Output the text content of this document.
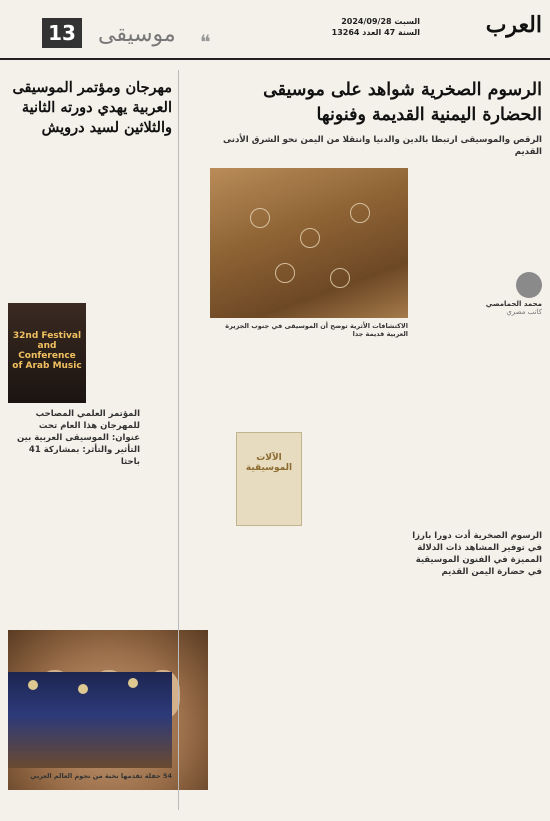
العرب
السبت 2024/09/28
السنة 47 العدد 13264
❝
موسيقى
13
الرسوم الصخرية شواهد على موسيقى الحضارة اليمنية القديمة وفنونها
الرقص والموسيقى ارتبطا بالدين والدنيا وانتقلا من اليمن نحو الشرق الأدنى القديم
الاكتشافات الأثرية توضح أن الموسيقى في جنوب الجزيرة العربية قديمة جدا
محمد الحمامصي
كاتب مصري
الرسوم الصخرية أدت دورا بارزا في توفير المشاهد ذات الدلالة المميزة في الفنون الموسيقية في حضارة اليمن القديم
الآلات الموسيقية
مهرجان ومؤتمر الموسيقى العربية يهدي دورته الثانية والثلاثين لسيد درويش
32nd Festival and Conference of Arab Music
المؤتمر العلمي المصاحب للمهرجان هذا العام تحت عنوان: الموسيقى العربية بين التأثير والتأثر: بمشاركة 41 باحثا
54 حفلة تقدمها نخبة من نجوم العالم العربي
